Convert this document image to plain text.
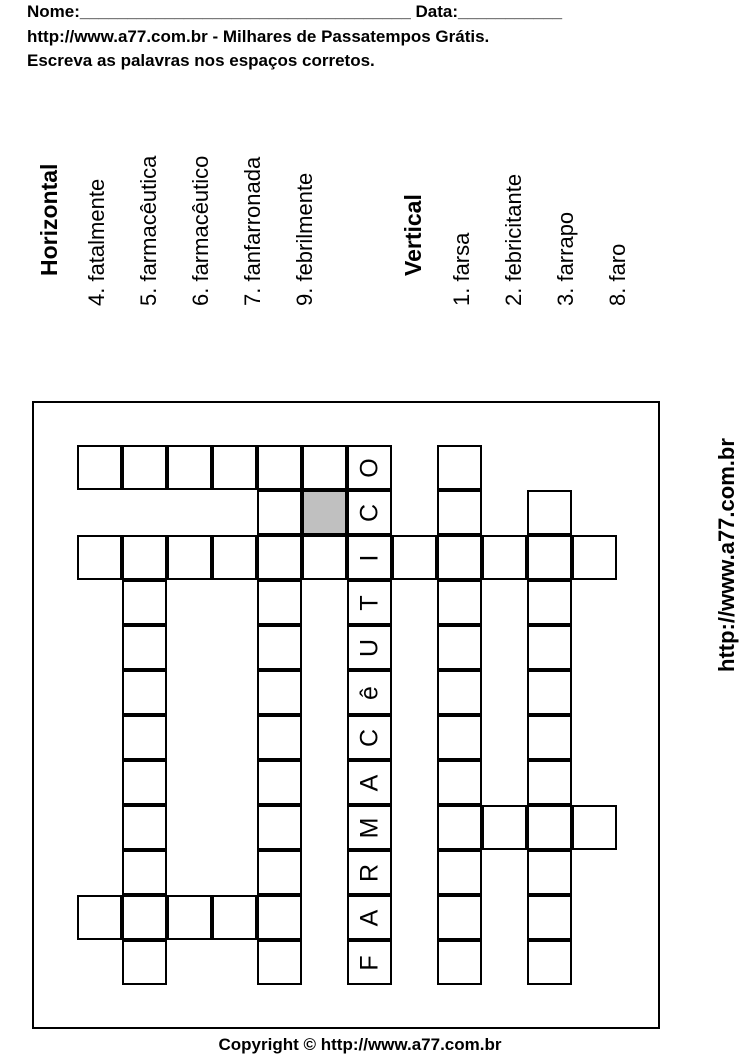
Nome:___________________________________ Data:___________
http://www.a77.com.br - Milhares de Passatempos Grátis.
Escreva as palavras nos espaços corretos.
Horizontal 4. fatalmente 5. farmacêutica 6. farmacêutico 7. fanfarronada 9. febrilmente	Vertical 1. farsa 2. febricitante 3. farrapo 8. faro
O
C
I
T
U
ê
C
A
M
R
A
F
http://www.a77.com.br
Copyright © http://www.a77.com.br
